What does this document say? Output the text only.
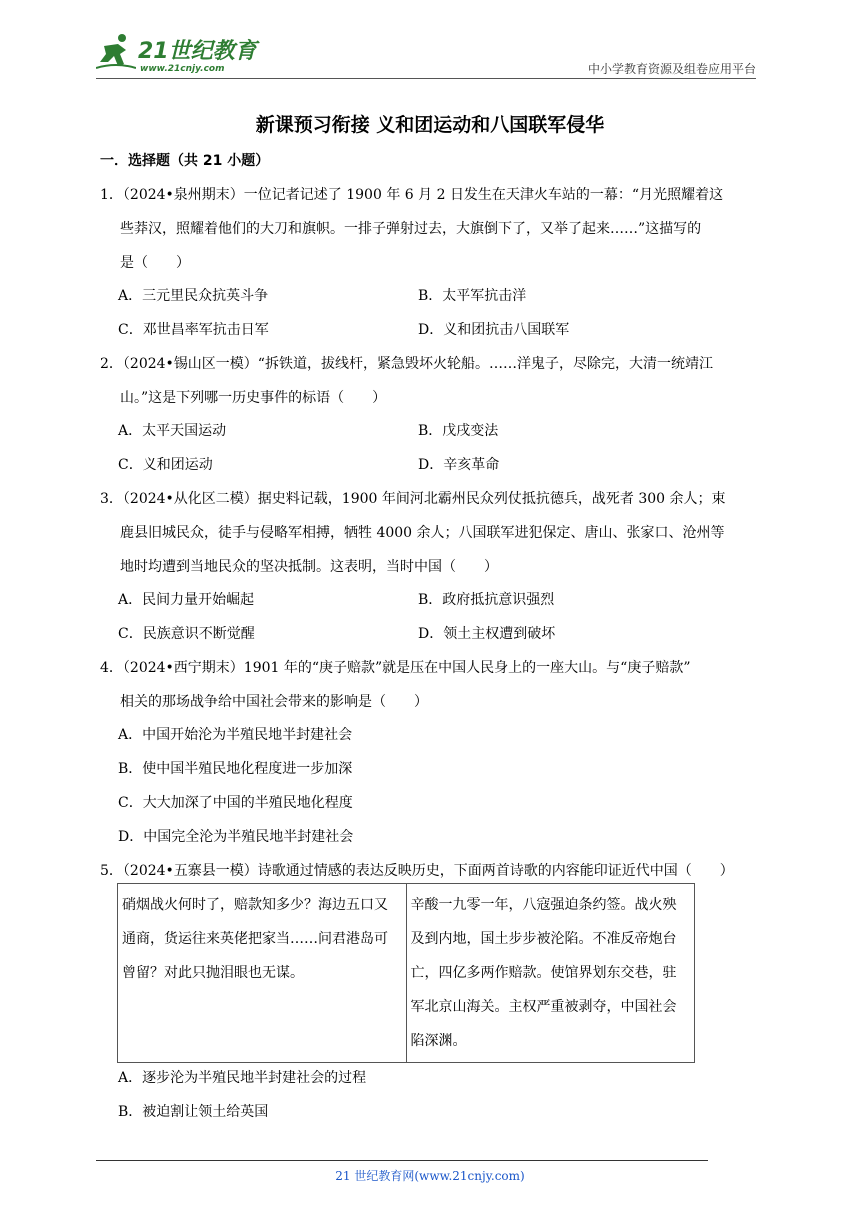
21世纪教育
www.21cnjy.com	中小学教育资源及组卷应用平台
新课预习衔接 义和团运动和八国联军侵华
一．选择题（共 21 小题）
1．（2024•泉州期末）一位记者记述了 1900 年 6 月 2 日发生在天津火车站的一幕：“月光照耀着这
些莽汉，照耀着他们的大刀和旗帜。一排子弹射过去，大旗倒下了，又举了起来……”这描写的
是（　　）
A．三元里民众抗英斗争	B．太平军抗击洋
C．邓世昌率军抗击日军	D．义和团抗击八国联军
2．（2024•锡山区一模）“拆铁道，拔线杆，紧急毁坏火轮船。……洋鬼子，尽除完，大清一统靖江
山。”这是下列哪一历史事件的标语（　　）
A．太平天国运动	B．戊戌变法
C．义和团运动	D．辛亥革命
3．（2024•从化区二模）据史料记载，1900 年间河北霸州民众列仗抵抗德兵，战死者 300 余人；束
鹿县旧城民众，徒手与侵略军相搏，牺牲 4000 余人；八国联军进犯保定、唐山、张家口、沧州等
地时均遭到当地民众的坚决抵制。这表明，当时中国（　　）
A．民间力量开始崛起	B．政府抵抗意识强烈
C．民族意识不断觉醒	D．领土主权遭到破坏
4．（2024•西宁期末）1901 年的“庚子赔款”就是压在中国人民身上的一座大山。与“庚子赔款”
相关的那场战争给中国社会带来的影响是（　　）
A．中国开始沦为半殖民地半封建社会
B．使中国半殖民地化程度进一步加深
C．大大加深了中国的半殖民地化程度
D．中国完全沦为半殖民地半封建社会
5．（2024•五寨县一模）诗歌通过情感的表达反映历史，下面两首诗歌的内容能印证近代中国（　　）
硝烟战火何时了，赔款知多少？海边五口又通商，货运往来英佬把家当……问君港岛可曾留？对此只抛泪眼也无谋。	辛酸一九零一年，八寇强迫条约签。战火殃及到内地，国土步步被沦陷。不准反帝炮台亡，四亿多两作赔款。使馆界划东交巷，驻军北京山海关。主权严重被剥夺，中国社会陷深渊。
A．逐步沦为半殖民地半封建社会的过程
B．被迫割让领土给英国
21 世纪教育网(www.21cnjy.com)
